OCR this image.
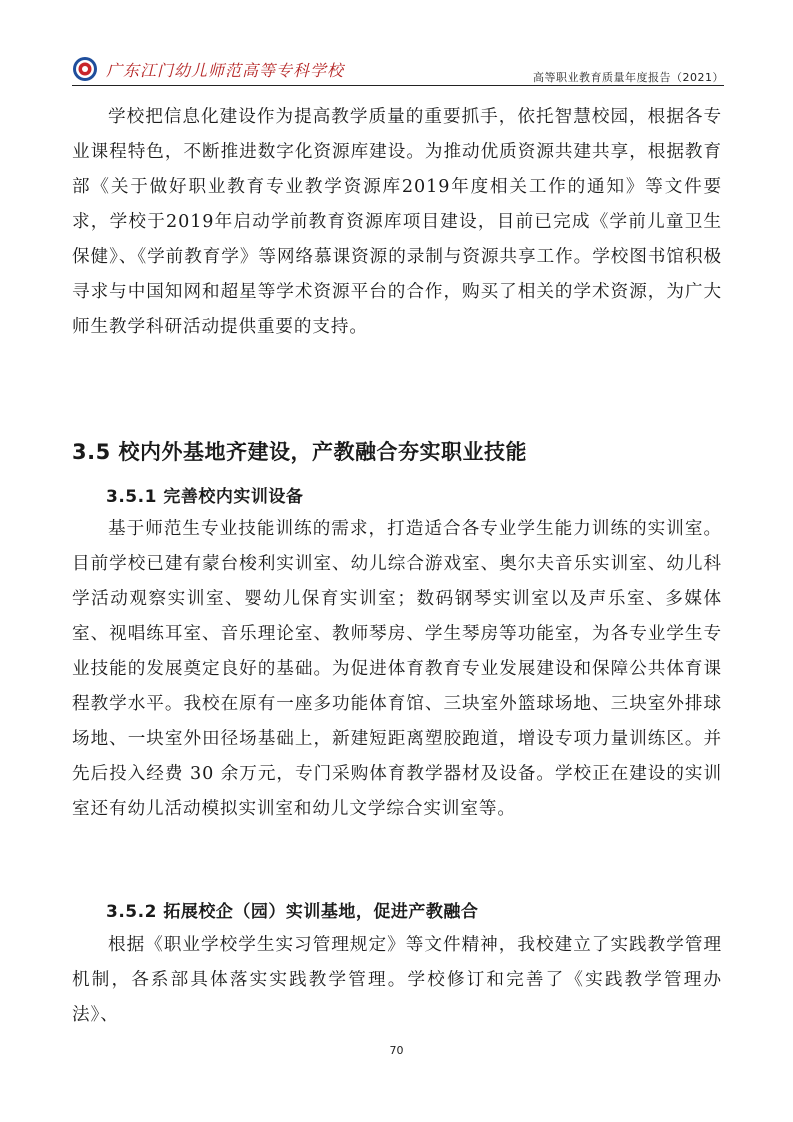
广东江门幼儿师范高等专科学校	高等职业教育质量年度报告（2021）

学校把信息化建设作为提高教学质量的重要抓手，依托智慧校园，根据各专业课程特色，不断推进数字化资源库建设。为推动优质资源共建共享，根据教育部《关于做好职业教育专业教学资源库2019年度相关工作的通知》等文件要求，学校于2019年启动学前教育资源库项目建设，目前已完成《学前儿童卫生保健》、《学前教育学》等网络慕课资源的录制与资源共享工作。学校图书馆积极寻求与中国知网和超星等学术资源平台的合作，购买了相关的学术资源，为广大师生教学科研活动提供重要的支持。

3.5 校内外基地齐建设，产教融合夯实职业技能
3.5.1 完善校内实训设备

基于师范生专业技能训练的需求，打造适合各专业学生能力训练的实训室。目前学校已建有蒙台梭利实训室、幼儿综合游戏室、奥尔夫音乐实训室、幼儿科学活动观察实训室、婴幼儿保育实训室；数码钢琴实训室以及声乐室、多媒体室、视唱练耳室、音乐理论室、教师琴房、学生琴房等功能室，为各专业学生专业技能的发展奠定良好的基础。为促进体育教育专业发展建设和保障公共体育课程教学水平。我校在原有一座多功能体育馆、三块室外篮球场地、三块室外排球场地、一块室外田径场基础上，新建短距离塑胶跑道，增设专项力量训练区。并先后投入经费 30 余万元，专门采购体育教学器材及设备。学校正在建设的实训室还有幼儿活动模拟实训室和幼儿文学综合实训室等。

3.5.2 拓展校企（园）实训基地，促进产教融合

根据《职业学校学生实习管理规定》等文件精神，我校建立了实践教学管理机制，各系部具体落实实践教学管理。学校修订和完善了《实践教学管理办法》、

70
